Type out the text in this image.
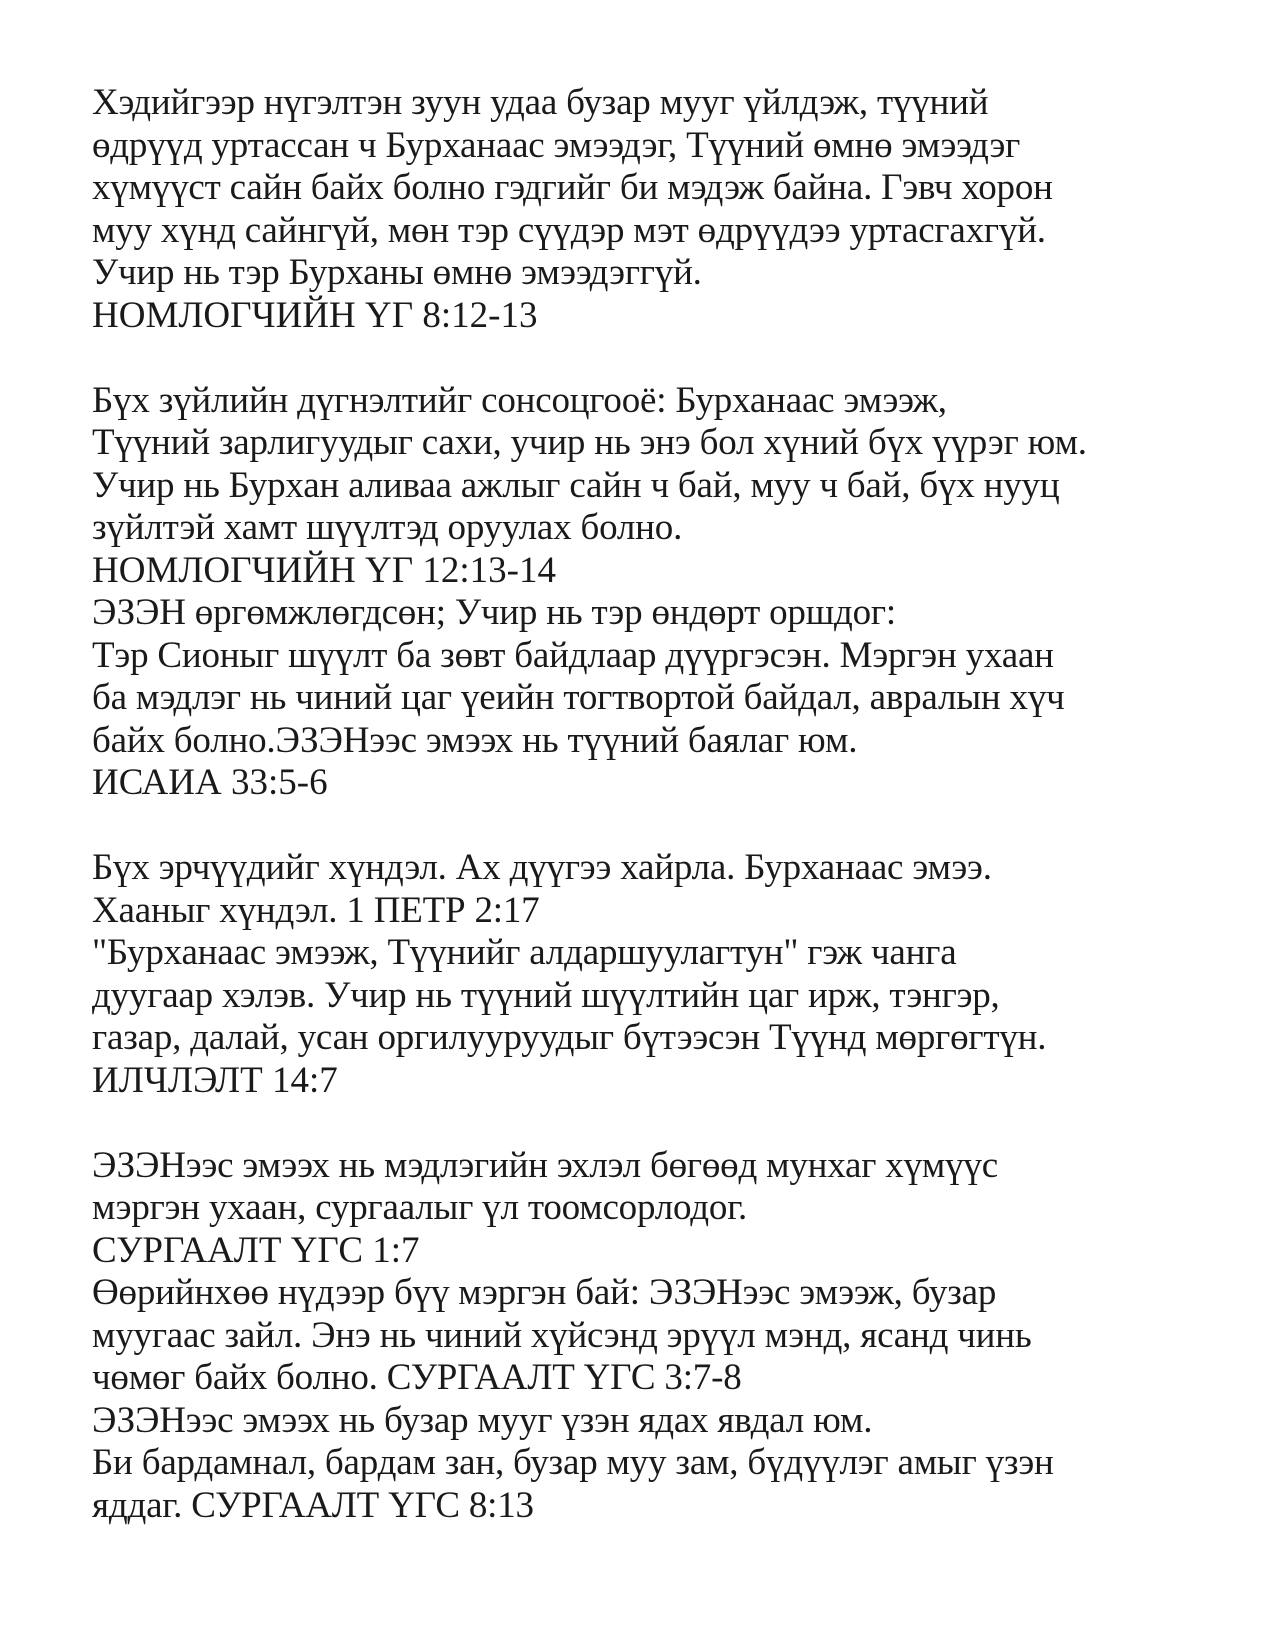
Хэдийгээр нүгэлтэн зуун удаа бузар мууг үйлдэж, түүний
өдрүүд уртассан ч Бурханаас эмээдэг, Түүний өмнө эмээдэг
хүмүүст сайн байх болно гэдгийг би мэдэж байна. Гэвч хорон
муу хүнд сайнгүй, мөн тэр сүүдэр мэт өдрүүдээ уртасгахгүй.
Учир нь тэр Бурханы өмнө эмээдэггүй.
НОМЛОГЧИЙН ҮГ 8:12-13
Бүх зүйлийн дүгнэлтийг сонсоцгооё: Бурханаас эмээж,
Түүний зарлигуудыг сахи, учир нь энэ бол хүний бүх үүрэг юм.
Учир нь Бурхан аливаа ажлыг сайн ч бай, муу ч бай, бүх нууц
зүйлтэй хамт шүүлтэд оруулах болно.
НОМЛОГЧИЙН ҮГ 12:13-14
ЭЗЭН өргөмжлөгдсөн; Учир нь тэр өндөрт оршдог:
Тэр Сионыг шүүлт ба зөвт байдлаар дүүргэсэн. Мэргэн ухаан
ба мэдлэг нь чиний цаг үеийн тогтвортой байдал, авралын хүч
байх болно.ЭЗЭНээс эмээх нь түүний баялаг юм.
ИСАИА 33:5-6
Бүх эрчүүдийг хүндэл. Ах дүүгээ хайрла. Бурханаас эмээ.
Хааныг хүндэл. 1 ПЕТР 2:17
"Бурханаас эмээж, Түүнийг алдаршуулагтун" гэж чанга
дуугаар хэлэв. Учир нь түүний шүүлтийн цаг ирж, тэнгэр,
газар, далай, усан оргилууруудыг бүтээсэн Түүнд мөргөгтүн.
ИЛЧЛЭЛТ 14:7
ЭЗЭНээс эмээх нь мэдлэгийн эхлэл бөгөөд мунхаг хүмүүс
мэргэн ухаан, сургаалыг үл тоомсорлодог.
СУРГААЛТ ҮГС 1:7
Өөрийнхөө нүдээр бүү мэргэн бай: ЭЗЭНээс эмээж, бузар
муугаас зайл. Энэ нь чиний хүйсэнд эрүүл мэнд, ясанд чинь
чөмөг байх болно. СУРГААЛТ ҮГС 3:7-8
ЭЗЭНээс эмээх нь бузар мууг үзэн ядах явдал юм.
Би бардамнал, бардам зан, бузар муу зам, бүдүүлэг амыг үзэн
яддаг. СУРГААЛТ ҮГС 8:13
